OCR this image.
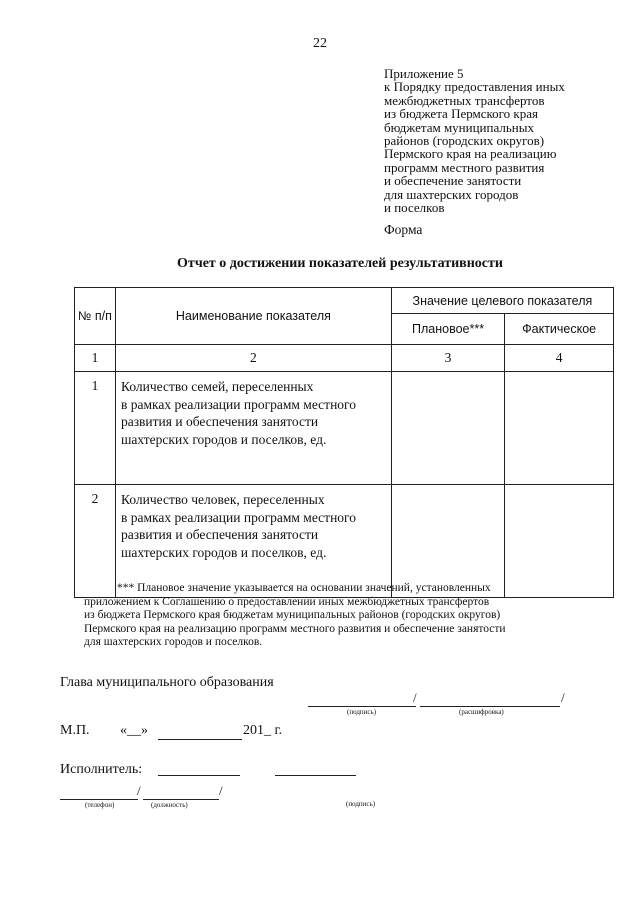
22
Приложение 5
к Порядку предоставления иных
межбюджетных трансфертов
из бюджета Пермского края
бюджетам муниципальных
районов (городских округов)
Пермского края на реализацию
программ местного развития
и обеспечение занятости
для шахтерских городов
и поселков
Форма
Отчет о достижении показателей результативности
№ п/п	Наименование показателя	Значение целевого показателя	
		Плановое***	Фактическое
1	2	3	4
1	Количество семей, переселенных
в рамках реализации программ местного
развития и обеспечения занятости
шахтерских городов и поселков, ед.		

2	Количество человек, переселенных
в рамках реализации программ местного
развития и обеспечения занятости
шахтерских городов и поселков, ед.		

*** Плановое значение указывается на основании значений, установленных
приложением к Соглашению о предоставлении иных межбюджетных трансфертов
из бюджета Пермского края бюджетам муниципальных районов (городских округов)
Пермского края на реализацию программ местного развития и обеспечение занятости
для шахтерских городов и поселков.
Глава муниципального образования
/	/
(подпись)	(расшифровка)
М.П. «__»	201_ г.
Исполнитель:
/	/
(телефон)	(должность)	(подпись)
